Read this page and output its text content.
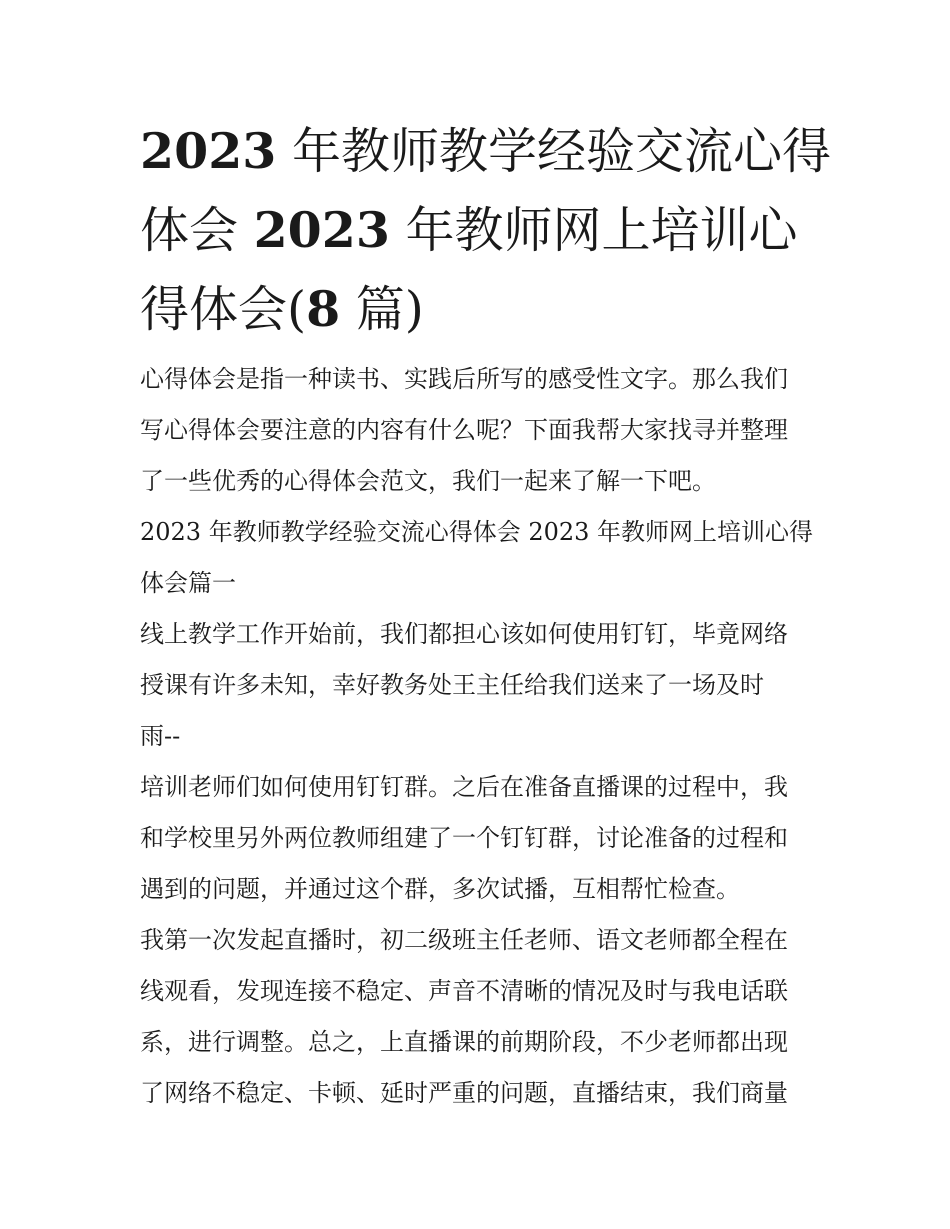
2023 年教师教学经验交流心得
体会 2023 年教师网上培训心
得体会(8 篇)

心得体会是指一种读书、实践后所写的感受性文字。那么我们
写心得体会要注意的内容有什么呢？下面我帮大家找寻并整理
了一些优秀的心得体会范文，我们一起来了解一下吧。

2023 年教师教学经验交流心得体会 2023 年教师网上培训心得
体会篇一

线上教学工作开始前，我们都担心该如何使用钉钉，毕竟网络
授课有许多未知，幸好教务处王主任给我们送来了一场及时
雨--

培训老师们如何使用钉钉群。之后在准备直播课的过程中，我
和学校里另外两位教师组建了一个钉钉群，讨论准备的过程和
遇到的问题，并通过这个群，多次试播，互相帮忙检查。

我第一次发起直播时，初二级班主任老师、语文老师都全程在
线观看，发现连接不稳定、声音不清晰的情况及时与我电话联
系，进行调整。总之，上直播课的前期阶段，不少老师都出现
了网络不稳定、卡顿、延时严重的问题，直播结束，我们商量
